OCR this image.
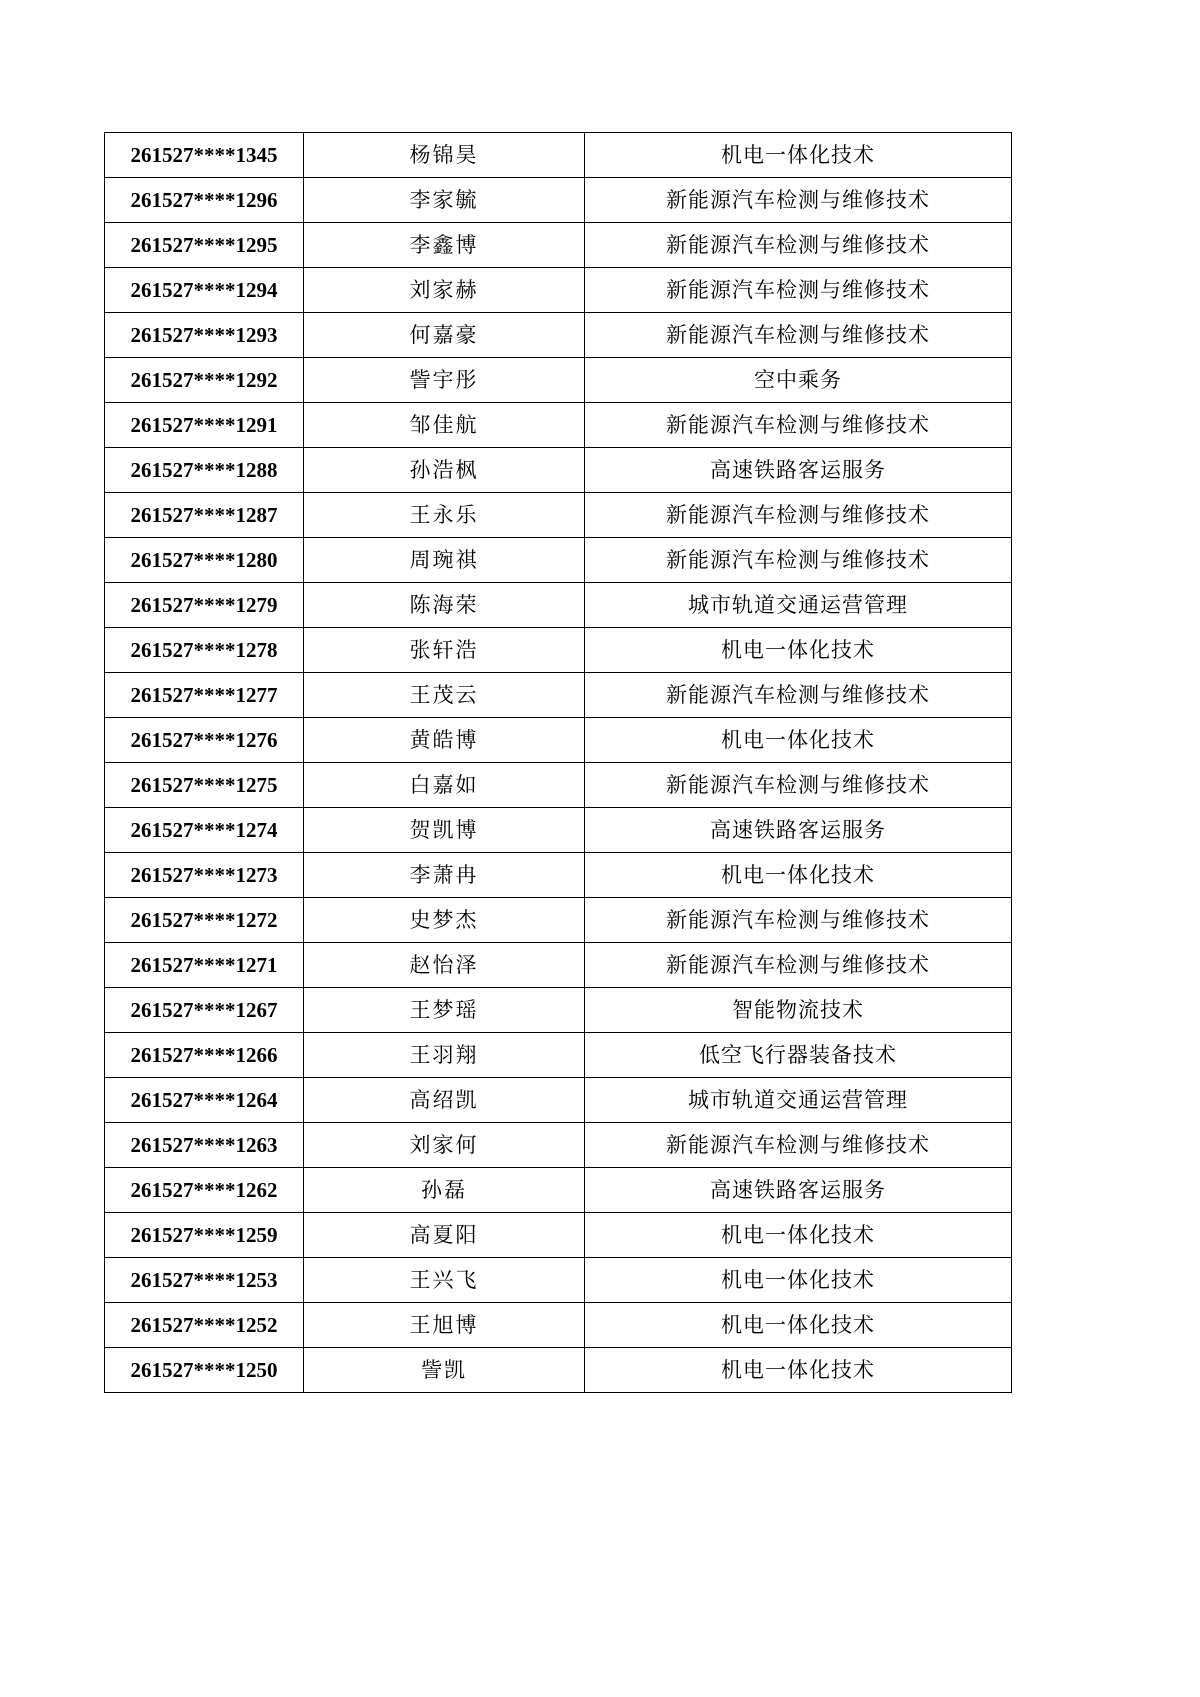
261527****1345	杨锦昊	机电一体化技术
261527****1296	李家毓	新能源汽车检测与维修技术
261527****1295	李鑫博	新能源汽车检测与维修技术
261527****1294	刘家赫	新能源汽车检测与维修技术
261527****1293	何嘉豪	新能源汽车检测与维修技术
261527****1292	訾宇彤	空中乘务
261527****1291	邹佳航	新能源汽车检测与维修技术
261527****1288	孙浩枫	高速铁路客运服务
261527****1287	王永乐	新能源汽车检测与维修技术
261527****1280	周琬祺	新能源汽车检测与维修技术
261527****1279	陈海荣	城市轨道交通运营管理
261527****1278	张轩浩	机电一体化技术
261527****1277	王茂云	新能源汽车检测与维修技术
261527****1276	黄皓博	机电一体化技术
261527****1275	白嘉如	新能源汽车检测与维修技术
261527****1274	贺凯博	高速铁路客运服务
261527****1273	李萧冉	机电一体化技术
261527****1272	史梦杰	新能源汽车检测与维修技术
261527****1271	赵怡泽	新能源汽车检测与维修技术
261527****1267	王梦瑶	智能物流技术
261527****1266	王羽翔	低空飞行器装备技术
261527****1264	高绍凯	城市轨道交通运营管理
261527****1263	刘家何	新能源汽车检测与维修技术
261527****1262	孙磊	高速铁路客运服务
261527****1259	高夏阳	机电一体化技术
261527****1253	王兴飞	机电一体化技术
261527****1252	王旭博	机电一体化技术
261527****1250	訾凯	机电一体化技术
